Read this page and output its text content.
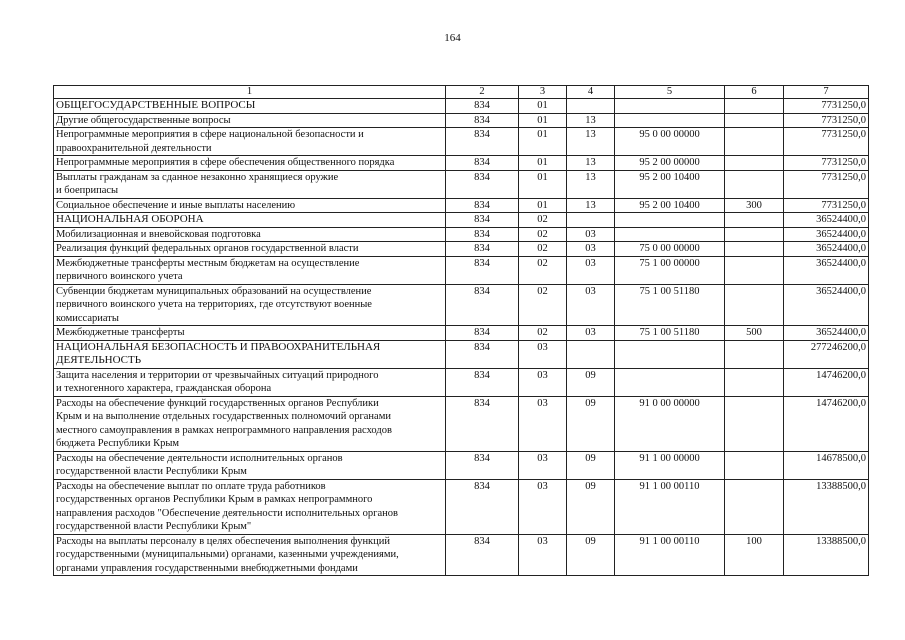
164
1	2	3	4	5	6	7
ОБЩЕГОСУДАРСТВЕННЫЕ ВОПРОСЫ	834	01				7731250,0
Другие общегосударственные вопросы	834	01	13			7731250,0
Непрограммные мероприятия в сфере национальной безопасности и
правоохранительной деятельности	834	01	13	95 0 00 00000		7731250,0
Непрограммные мероприятия в сфере обеспечения общественного порядка	834	01	13	95 2 00 00000		7731250,0
Выплаты гражданам за сданное незаконно хранящиеся оружие
и боеприпасы	834	01	13	95 2 00 10400		7731250,0
Социальное обеспечение и иные выплаты населению	834	01	13	95 2 00 10400	300	7731250,0
НАЦИОНАЛЬНАЯ ОБОРОНА	834	02				36524400,0
Мобилизационная и вневойсковая подготовка	834	02	03			36524400,0
Реализация функций федеральных органов государственной власти	834	02	03	75 0 00 00000		36524400,0
Межбюджетные трансферты местным бюджетам на осуществление
первичного воинского учета	834	02	03	75 1 00 00000		36524400,0
Субвенции бюджетам муниципальных образований на осуществление
первичного воинского учета на территориях, где отсутствуют военные
комиссариаты	834	02	03	75 1 00 51180		36524400,0
Межбюджетные трансферты	834	02	03	75 1 00 51180	500	36524400,0
НАЦИОНАЛЬНАЯ БЕЗОПАСНОСТЬ И ПРАВООХРАНИТЕЛЬНАЯ
ДЕЯТЕЛЬНОСТЬ	834	03				277246200,0
Защита населения и территории от чрезвычайных ситуаций природного
и техногенного характера, гражданская оборона	834	03	09			14746200,0
Расходы на обеспечение функций государственных органов Республики
Крым и на выполнение отдельных государственных полномочий органами
местного самоуправления в рамках непрограммного направления расходов
бюджета Республики Крым	834	03	09	91 0 00 00000		14746200,0
Расходы на обеспечение деятельности исполнительных органов
государственной власти Республики Крым	834	03	09	91 1 00 00000		14678500,0
Расходы на обеспечение выплат по оплате труда работников
государственных органов Республики Крым в рамках непрограммного
направления расходов "Обеспечение деятельности исполнительных органов
государственной власти Республики Крым"	834	03	09	91 1 00 00110		13388500,0
Расходы на выплаты персоналу в целях обеспечения выполнения функций
государственными (муниципальными) органами, казенными учреждениями,
органами управления государственными внебюджетными фондами	834	03	09	91 1 00 00110	100	13388500,0
